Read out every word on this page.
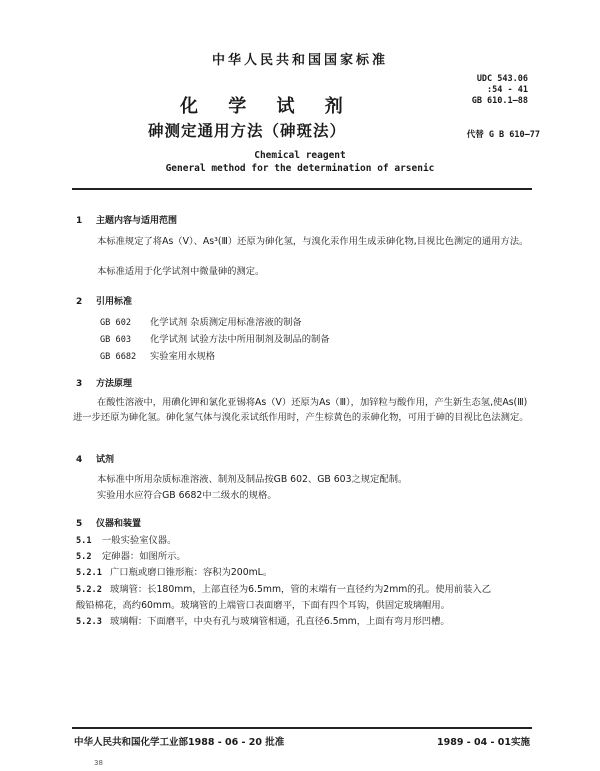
中华人民共和国国家标准
UDC 543.06
:54 - 41
GB 610.1—88
化 学 试 剂
砷测定通用方法（砷斑法）	代替 G B 610—77
Chemical reagent
General method for the determination of arsenic
1 主题内容与适用范围
本标准规定了将As（V）、As³(Ⅲ）还原为砷化氢，与溴化汞作用生成汞砷化物,目视比色测定的通用方法。
本标准适用于化学试剂中微量砷的测定。
2 引用标准
GB 602 化学试剂 杂质测定用标准溶液的制备
GB 603 化学试剂 试验方法中所用制剂及制品的制备
GB 6682 实验室用水规格
3 方法原理
在酸性溶液中，用碘化钾和氯化亚锡将As（V）还原为As（Ⅲ），加锌粒与酸作用，产生新生态氢,使As(Ⅲ)进一步还原为砷化氢。砷化氢气体与溴化汞试纸作用时，产生棕黄色的汞砷化物，可用于砷的目视比色法测定。
4 试剂
本标准中所用杂质标准溶液、制剂及制品按GB 602、GB 603之规定配制。
实验用水应符合GB 6682中二级水的规格。
5 仪器和装置
5.1 一般实验室仪器。
5.2 定砷器：如图所示。
5.2.1 广口瓶或磨口锥形瓶：容积为200mL。
5.2.2 玻璃管：长180mm，上部直径为6.5mm，管的末端有一直径约为2mm的孔。使用前装入乙
酸铅棉花，高约60mm。玻璃管的上端管口表面磨平，下面有四个耳钩，供固定玻璃帽用。
5.2.3 玻璃帽：下面磨平，中央有孔与玻璃管相通，孔直径6.5mm，上面有弯月形凹槽。
中华人民共和国化学工业部1988 - 06 - 20 批准	1989 - 04 - 01实施
38
